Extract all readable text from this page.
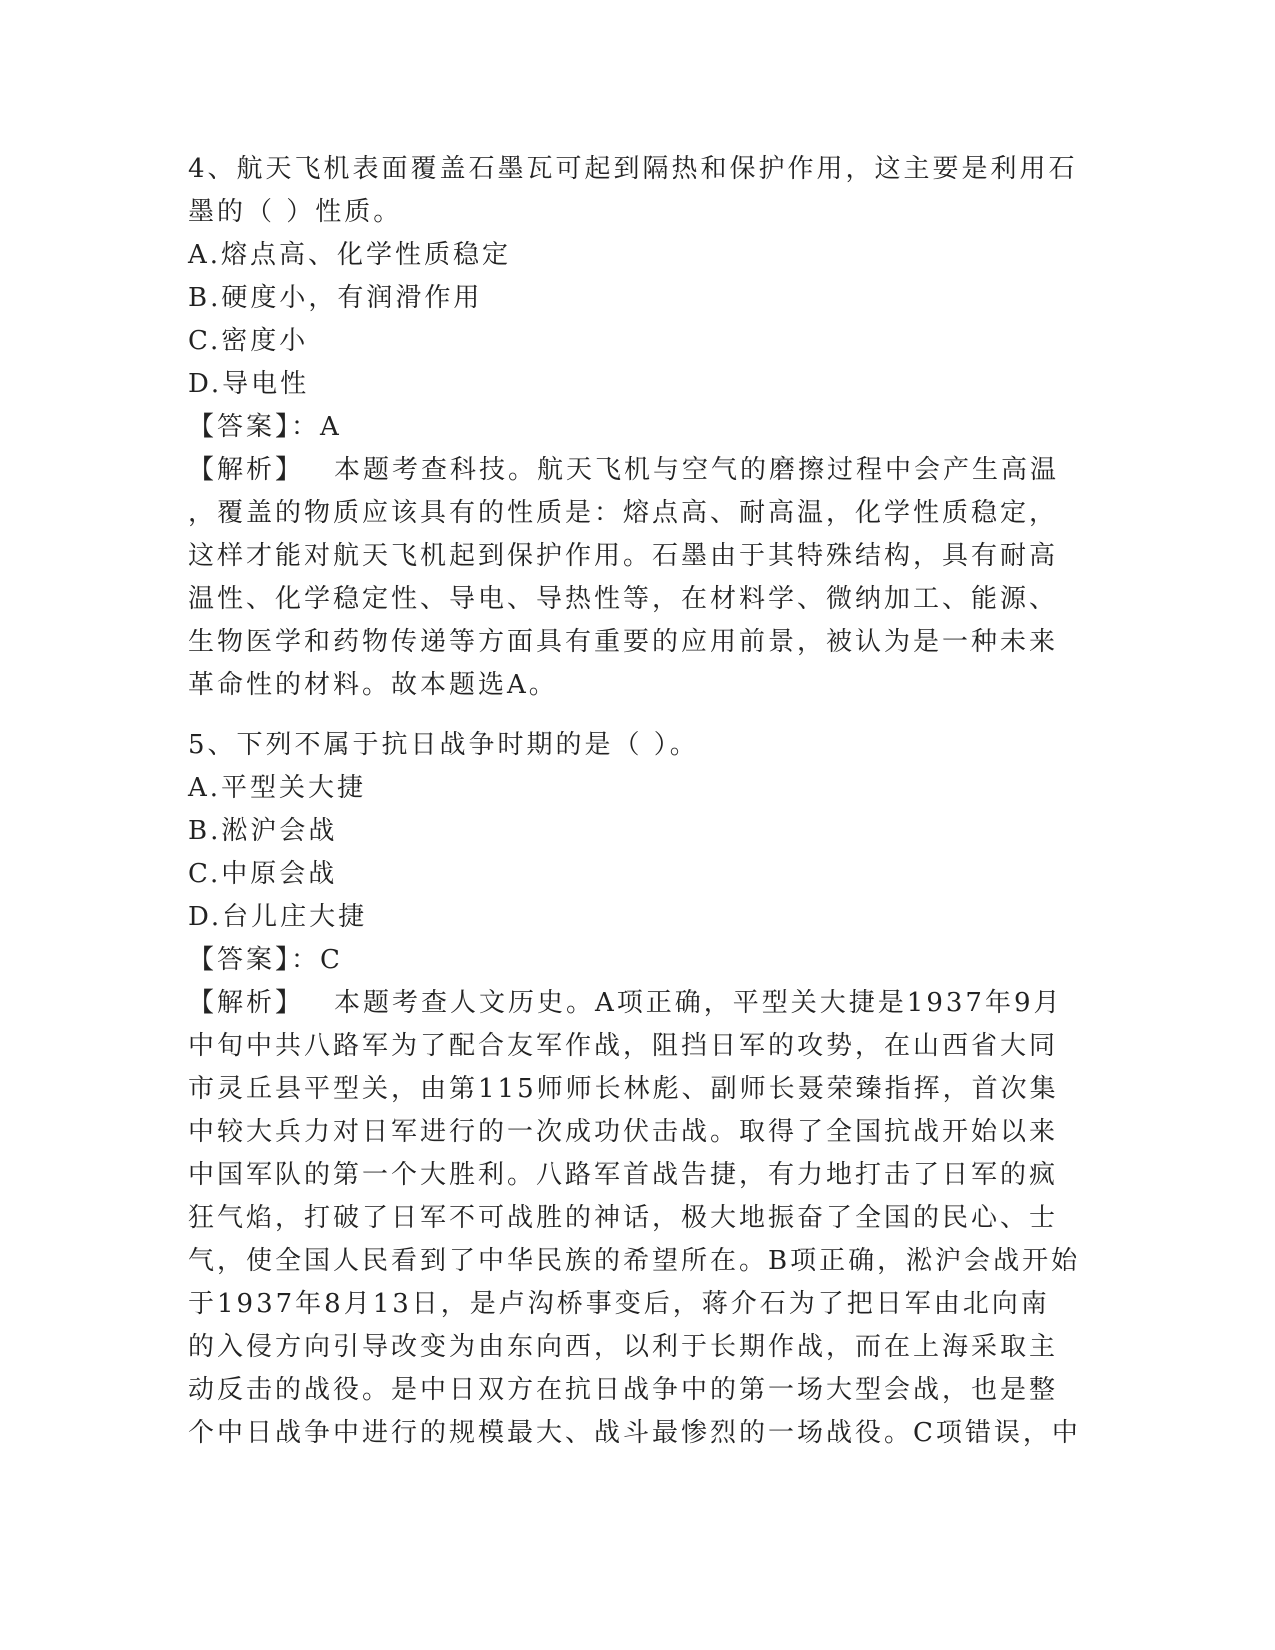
4、航天飞机表面覆盖石墨瓦可起到隔热和保护作用，这主要是利用石
墨的（ ）性质。
A.熔点高、化学性质稳定
B.硬度小，有润滑作用
C.密度小
D.导电性
【答案】：A
【解析】 本题考查科技。航天飞机与空气的磨擦过程中会产生高温
，覆盖的物质应该具有的性质是：熔点高、耐高温，化学性质稳定，
这样才能对航天飞机起到保护作用。石墨由于其特殊结构，具有耐高
温性、化学稳定性、导电、导热性等，在材料学、微纳加工、能源、
生物医学和药物传递等方面具有重要的应用前景，被认为是一种未来
革命性的材料。故本题选A。
5、下列不属于抗日战争时期的是（ ）。
A.平型关大捷
B.淞沪会战
C.中原会战
D.台儿庄大捷
【答案】：C
【解析】 本题考查人文历史。A项正确，平型关大捷是1937年9月
中旬中共八路军为了配合友军作战，阻挡日军的攻势，在山西省大同
市灵丘县平型关，由第115师师长林彪、副师长聂荣臻指挥，首次集
中较大兵力对日军进行的一次成功伏击战。取得了全国抗战开始以来
中国军队的第一个大胜利。八路军首战告捷，有力地打击了日军的疯
狂气焰，打破了日军不可战胜的神话，极大地振奋了全国的民心、士
气，使全国人民看到了中华民族的希望所在。B项正确，淞沪会战开始
于1937年8月13日，是卢沟桥事变后，蒋介石为了把日军由北向南
的入侵方向引导改变为由东向西，以利于长期作战，而在上海采取主
动反击的战役。是中日双方在抗日战争中的第一场大型会战，也是整
个中日战争中进行的规模最大、战斗最惨烈的一场战役。C项错误，中
